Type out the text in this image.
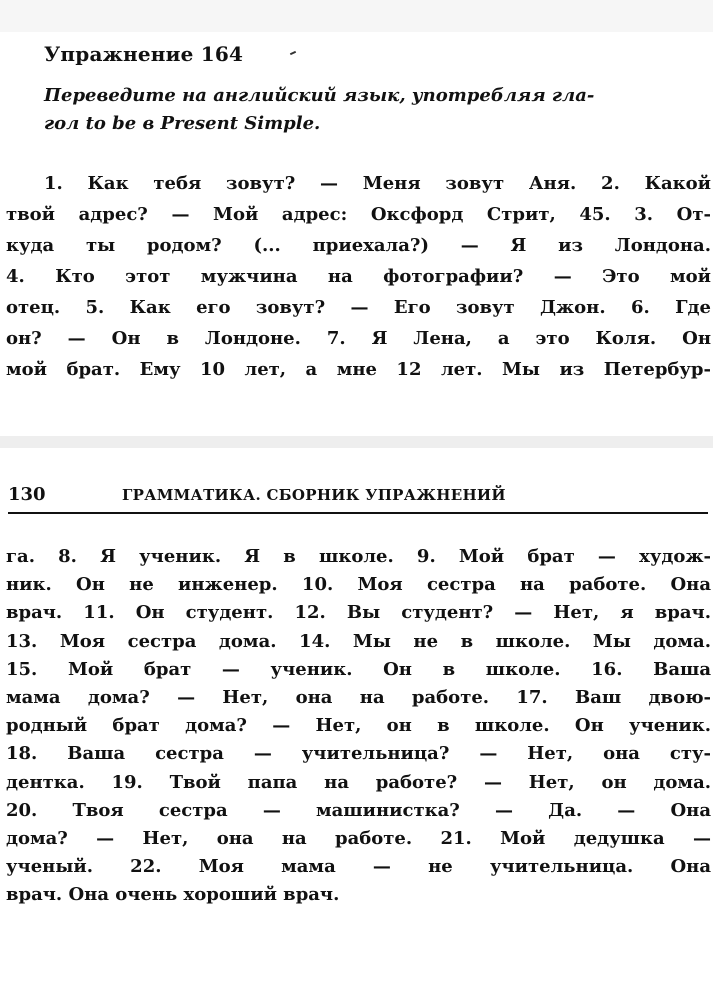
Упражнение 164
Переведите на английский язык, употребляя гла-
гол to be в Present Simple.
1. Как тебя зовут? — Меня зовут Аня. 2. Какой
твой адрес? — Мой адрес: Оксфорд Стрит, 45. 3. От-
куда ты родом? (... приехала?) — Я из Лондона.
4. Кто этот мужчина на фотографии? — Это мой
отец. 5. Как его зовут? — Его зовут Джон. 6. Где
он? — Он в Лондоне. 7. Я Лена, а это Коля. Он
мой брат. Ему 10 лет, а мне 12 лет. Мы из Петербур-
130	ГРАММАТИКА. СБОРНИК УПРАЖНЕНИЙ
га. 8. Я ученик. Я в школе. 9. Мой брат — худож-
ник. Он не инженер. 10. Моя сестра на работе. Она
врач. 11. Он студент. 12. Вы студент? — Нет, я врач.
13. Моя сестра дома. 14. Мы не в школе. Мы дома.
15. Мой брат — ученик. Он в школе. 16. Ваша
мама дома? — Нет, она на работе. 17. Ваш двою-
родный брат дома? — Нет, он в школе. Он ученик.
18. Ваша сестра — учительница? — Нет, она сту-
дентка. 19. Твой папа на работе? — Нет, он дома.
20. Твоя сестра — машинистка? — Да. — Она
дома? — Нет, она на работе. 21. Мой дедушка —
ученый. 22. Моя мама — не учительница. Она
врач. Она очень хороший врач.
